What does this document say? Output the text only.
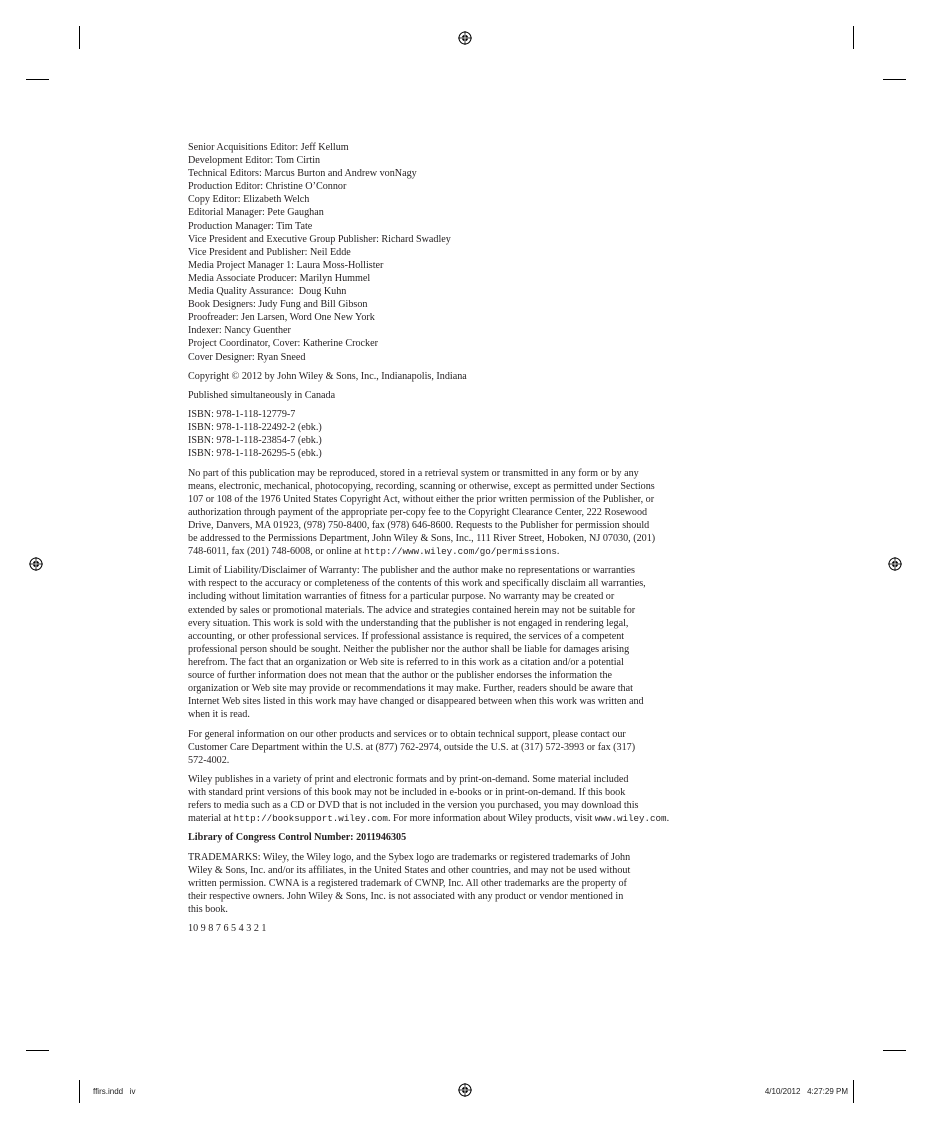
ffirs.indd   iv	4/10/2012   4:27:29 PM

Senior Acquisitions Editor: Jeff Kellum
Development Editor: Tom Cirtin
Technical Editors: Marcus Burton and Andrew vonNagy
Production Editor: Christine O’Connor
Copy Editor: Elizabeth Welch
Editorial Manager: Pete Gaughan
Production Manager: Tim Tate
Vice President and Executive Group Publisher: Richard Swadley
Vice President and Publisher: Neil Edde
Media Project Manager 1: Laura Moss-Hollister
Media Associate Producer: Marilyn Hummel
Media Quality Assurance:  Doug Kuhn
Book Designers: Judy Fung and Bill Gibson
Proofreader: Jen Larsen, Word One New York
Indexer: Nancy Guenther
Project Coordinator, Cover: Katherine Crocker
Cover Designer: Ryan Sneed

Copyright © 2012 by John Wiley & Sons, Inc., Indianapolis, Indiana

Published simultaneously in Canada

ISBN: 978-1-118-12779-7
ISBN: 978-1-118-22492-2 (ebk.)
ISBN: 978-1-118-23854-7 (ebk.)
ISBN: 978-1-118-26295-5 (ebk.)

No part of this publication may be reproduced, stored in a retrieval system or transmitted in any form or by any
means, electronic, mechanical, photocopying, recording, scanning or otherwise, except as permitted under Sections
107 or 108 of the 1976 United States Copyright Act, without either the prior written permission of the Publisher, or
authorization through payment of the appropriate per-copy fee to the Copyright Clearance Center, 222 Rosewood
Drive, Danvers, MA 01923, (978) 750-8400, fax (978) 646-8600. Requests to the Publisher for permission should
be addressed to the Permissions Department, John Wiley & Sons, Inc., 111 River Street, Hoboken, NJ 07030, (201)
748-6011, fax (201) 748-6008, or online at http://www.wiley.com/go/permissions.

Limit of Liability/Disclaimer of Warranty: The publisher and the author make no representations or warranties
with respect to the accuracy or completeness of the contents of this work and specifically disclaim all warranties,
including without limitation warranties of fitness for a particular purpose. No warranty may be created or
extended by sales or promotional materials. The advice and strategies contained herein may not be suitable for
every situation. This work is sold with the understanding that the publisher is not engaged in rendering legal,
accounting, or other professional services. If professional assistance is required, the services of a competent
professional person should be sought. Neither the publisher nor the author shall be liable for damages arising
herefrom. The fact that an organization or Web site is referred to in this work as a citation and/or a potential
source of further information does not mean that the author or the publisher endorses the information the
organization or Web site may provide or recommendations it may make. Further, readers should be aware that
Internet Web sites listed in this work may have changed or disappeared between when this work was written and
when it is read.

For general information on our other products and services or to obtain technical support, please contact our
Customer Care Department within the U.S. at (877) 762-2974, outside the U.S. at (317) 572-3993 or fax (317)
572-4002.

Wiley publishes in a variety of print and electronic formats and by print-on-demand. Some material included
with standard print versions of this book may not be included in e-books or in print-on-demand. If this book
refers to media such as a CD or DVD that is not included in the version you purchased, you may download this
material at http://booksupport.wiley.com. For more information about Wiley products, visit www.wiley.com.

Library of Congress Control Number: 2011946305

TRADEMARKS: Wiley, the Wiley logo, and the Sybex logo are trademarks or registered trademarks of John
Wiley & Sons, Inc. and/or its affiliates, in the United States and other countries, and may not be used without
written permission. CWNA is a registered trademark of CWNP, Inc. All other trademarks are the property of
their respective owners. John Wiley & Sons, Inc. is not associated with any product or vendor mentioned in
this book.

10 9 8 7 6 5 4 3 2 1
